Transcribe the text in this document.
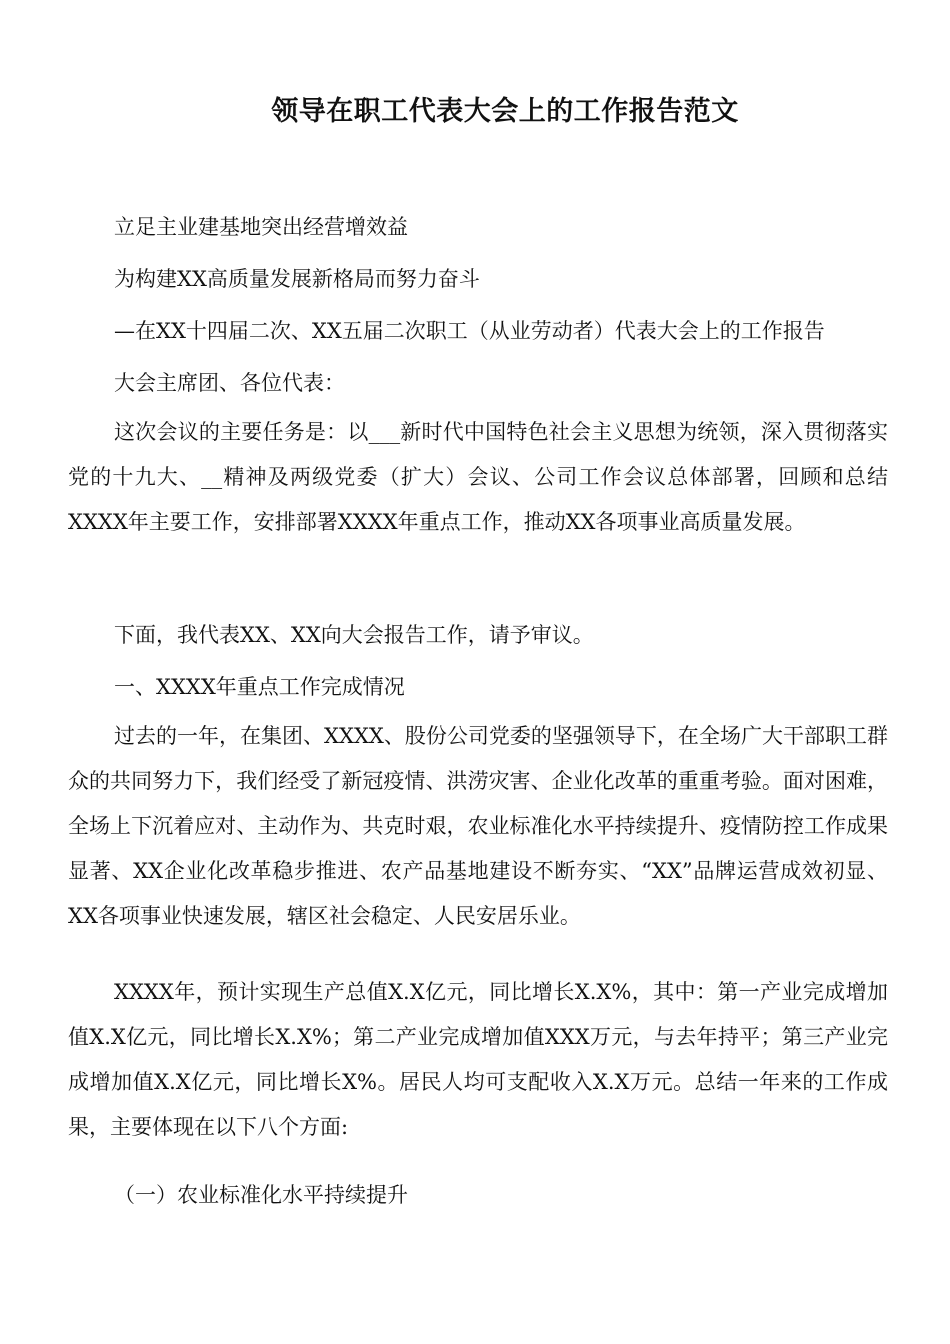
领导在职工代表大会上的工作报告范文
立足主业建基地突出经营增效益
为构建XX高质量发展新格局而努力奋斗
—在XX十四届二次、XX五届二次职工（从业劳动者）代表大会上的工作报告
大会主席团、各位代表：
这次会议的主要任务是：以___新时代中国特色社会主义思想为统领，深入贯彻落实党的十九大、__精神及两级党委（扩大）会议、公司工作会议总体部署，回顾和总结XXXX年主要工作，安排部署XXXX年重点工作，推动XX各项事业高质量发展。
下面，我代表XX、XX向大会报告工作，请予审议。
一、XXXX年重点工作完成情况
过去的一年，在集团、XXXX、股份公司党委的坚强领导下，在全场广大干部职工群众的共同努力下，我们经受了新冠疫情、洪涝灾害、企业化改革的重重考验。面对困难，全场上下沉着应对、主动作为、共克时艰，农业标准化水平持续提升、疫情防控工作成果显著、XX企业化改革稳步推进、农产品基地建设不断夯实、“XX”品牌运营成效初显、XX各项事业快速发展，辖区社会稳定、人民安居乐业。
XXXX年，预计实现生产总值X.X亿元，同比增长X.X%，其中：第一产业完成增加值X.X亿元，同比增长X.X%；第二产业完成增加值XXX万元，与去年持平；第三产业完成增加值X.X亿元，同比增长X%。居民人均可支配收入X.X万元。总结一年来的工作成果，主要体现在以下八个方面:
（一）农业标准化水平持续提升
